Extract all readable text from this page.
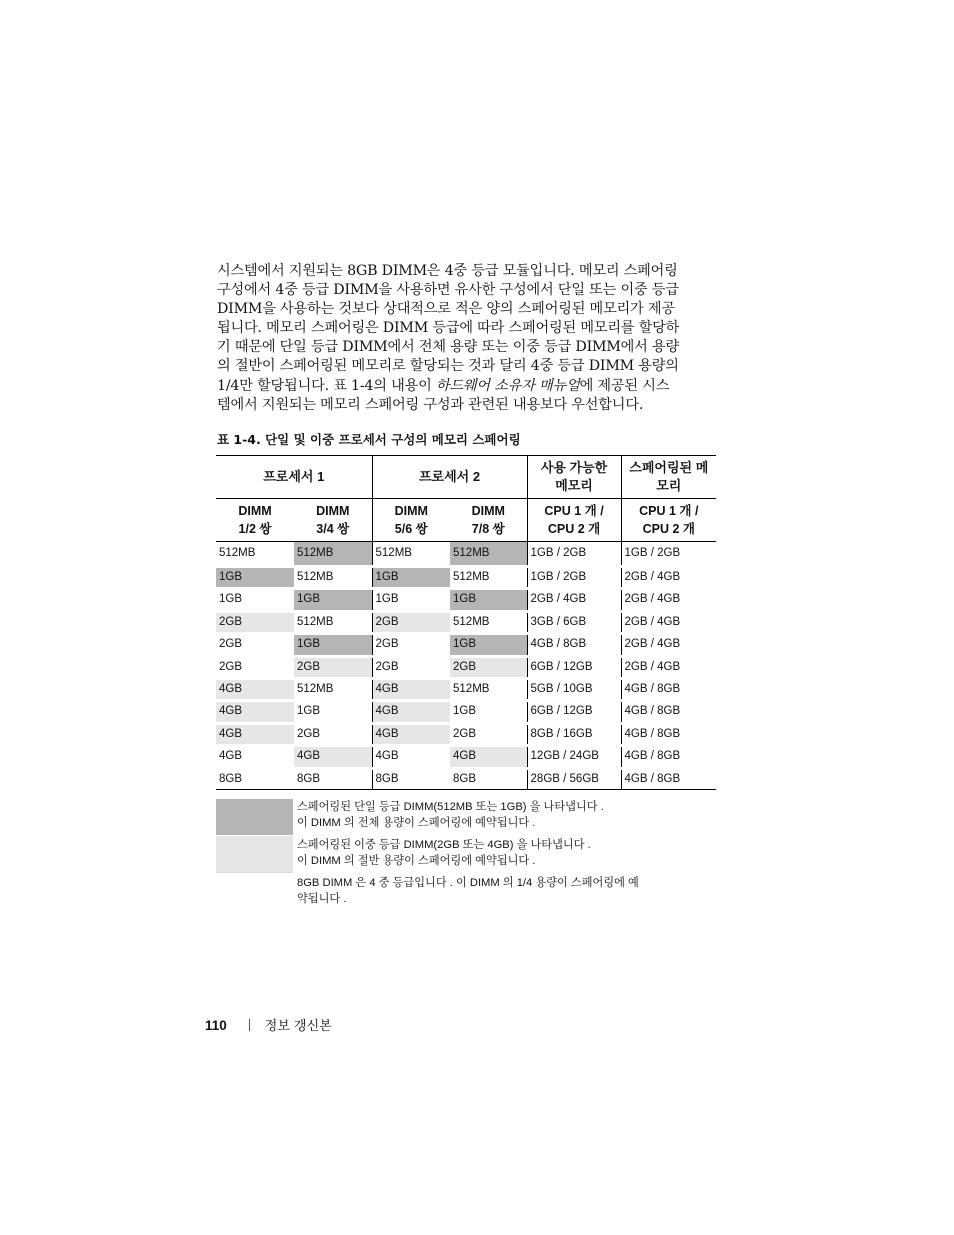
시스템에서 지원되는 8GB DIMM은 4중 등급 모듈입니다. 메모리 스페어링
구성에서 4중 등급 DIMM을 사용하면 유사한 구성에서 단일 또는 이중 등급
DIMM을 사용하는 것보다 상대적으로 적은 양의 스페어링된 메모리가 제공
됩니다. 메모리 스페어링은 DIMM 등급에 따라 스페어링된 메모리를 할당하
기 때문에 단일 등급 DIMM에서 전체 용량 또는 이중 등급 DIMM에서 용량
의 절반이 스페어링된 메모리로 할당되는 것과 달리 4중 등급 DIMM 용량의
1/4만 할당됩니다. 표 1-4의 내용이 하드웨어 소유자 매뉴얼에 제공된 시스
템에서 지원되는 메모리 스페어링 구성과 관련된 내용보다 우선합니다.

표 1-4. 단일 및 이중 프로세서 구성의 메모리 스페어링

프로세서 1		프로세서 2		사용 가능한
메모리	스페어링된 메
모리
DIMM
1/2 쌍	DIMM
3/4 쌍	DIMM
5/6 쌍	DIMM
7/8 쌍	CPU 1 개 /
CPU 2 개	CPU 1 개 /
CPU 2 개
512MB	512MB	512MB	512MB	1GB / 2GB	1GB / 2GB
1GB	512MB	1GB	512MB	1GB / 2GB	2GB / 4GB
1GB	1GB	1GB	1GB	2GB / 4GB	2GB / 4GB
2GB	512MB	2GB	512MB	3GB / 6GB	2GB / 4GB
2GB	1GB	2GB	1GB	4GB / 8GB	2GB / 4GB
2GB	2GB	2GB	2GB	6GB / 12GB	2GB / 4GB
4GB	512MB	4GB	512MB	5GB / 10GB	4GB / 8GB
4GB	1GB	4GB	1GB	6GB / 12GB	4GB / 8GB
4GB	2GB	4GB	2GB	8GB / 16GB	4GB / 8GB
4GB	4GB	4GB	4GB	12GB / 24GB	4GB / 8GB
8GB	8GB	8GB	8GB	28GB / 56GB	4GB / 8GB
스페어링된 단일 등급 DIMM(512MB 또는 1GB) 을 나타냅니다 .
이 DIMM 의 전체 용량이 스페어링에 예약됩니다 .
스페어링된 이중 등급 DIMM(2GB 또는 4GB) 을 나타냅니다 .
이 DIMM 의 절반 용량이 스페어링에 예약됩니다 .
8GB DIMM 은 4 중 등급입니다 . 이 DIMM 의 1/4 용량이 스페어링에 예
약됩니다 .
110	정보 갱신본
